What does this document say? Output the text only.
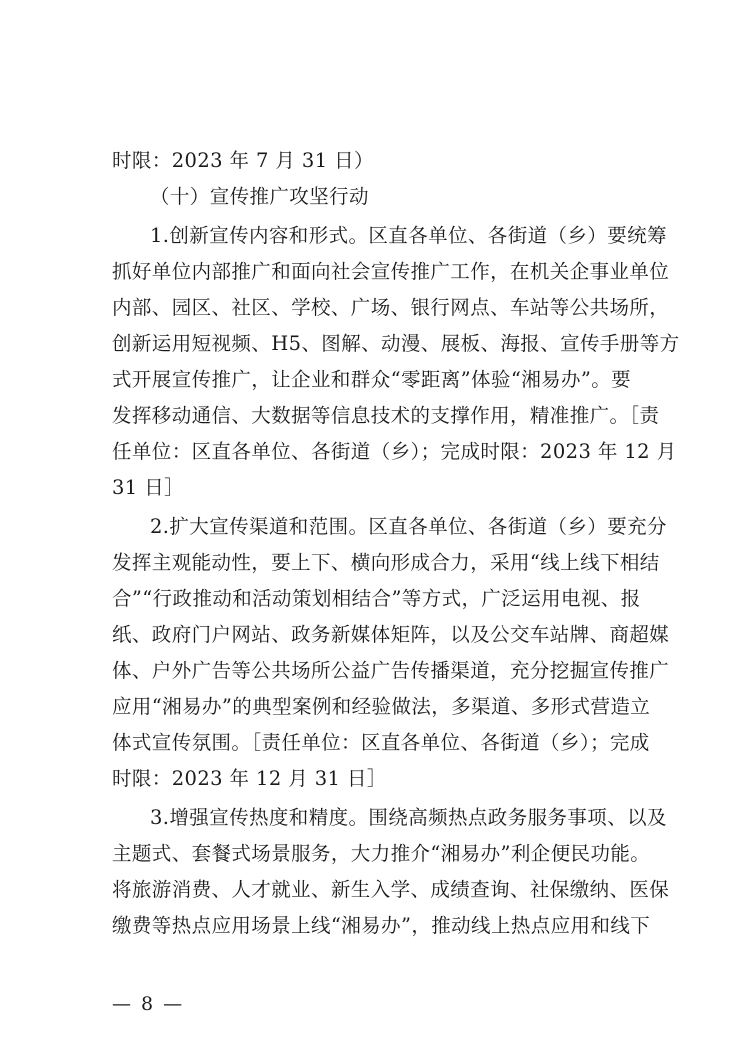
时限：2023 年 7 月 31 日）
（十）宣传推广攻坚行动
1.创新宣传内容和形式。区直各单位、各街道（乡）要统筹
抓好单位内部推广和面向社会宣传推广工作，在机关企事业单位
内部、园区、社区、学校、广场、银行网点、车站等公共场所，
创新运用短视频、H5、图解、动漫、展板、海报、宣传手册等方
式开展宣传推广，让企业和群众“零距离”体验“湘易办”。要
发挥移动通信、大数据等信息技术的支撑作用，精准推广。［责
任单位：区直各单位、各街道（乡）；完成时限：2023 年 12 月
31 日］
2.扩大宣传渠道和范围。区直各单位、各街道（乡）要充分
发挥主观能动性，要上下、横向形成合力，采用“线上线下相结
合”“行政推动和活动策划相结合”等方式，广泛运用电视、报
纸、政府门户网站、政务新媒体矩阵，以及公交车站牌、商超媒
体、户外广告等公共场所公益广告传播渠道，充分挖掘宣传推广
应用“湘易办”的典型案例和经验做法，多渠道、多形式营造立
体式宣传氛围。［责任单位：区直各单位、各街道（乡）；完成
时限：2023 年 12 月 31 日］
3.增强宣传热度和精度。围绕高频热点政务服务事项、以及
主题式、套餐式场景服务，大力推介“湘易办”利企便民功能。
将旅游消费、人才就业、新生入学、成绩查询、社保缴纳、医保
缴费等热点应用场景上线“湘易办”，推动线上热点应用和线下
— 8 —
